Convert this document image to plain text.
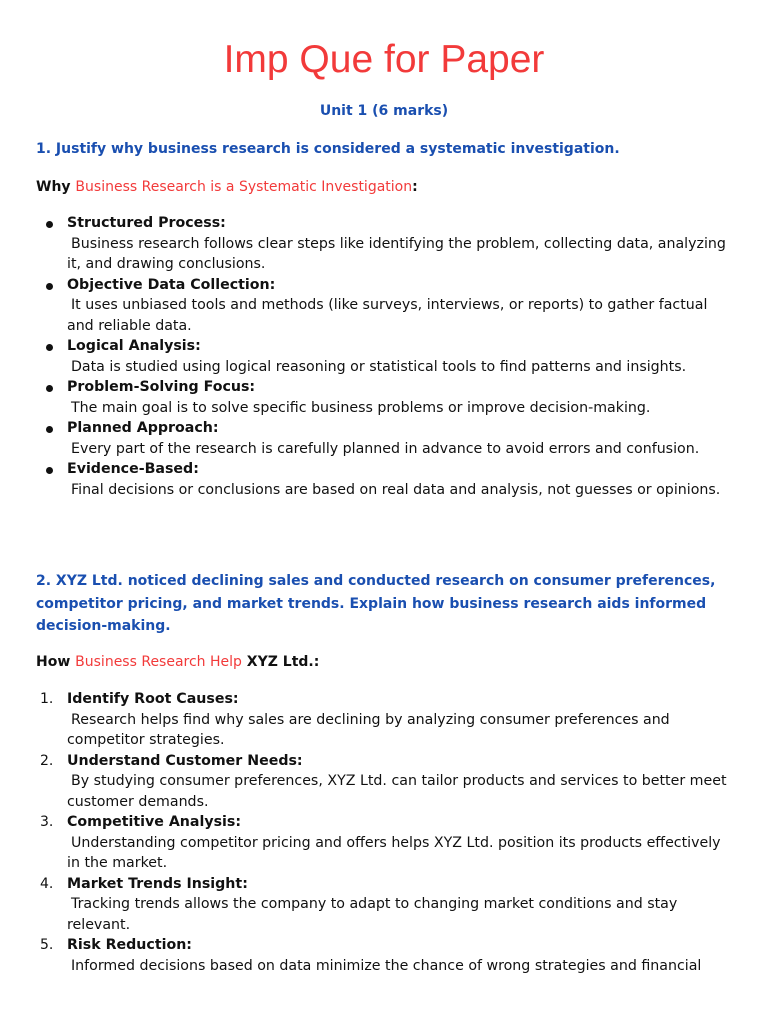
Imp Que for Paper
Unit 1 (6 marks)
1. Justify why business research is considered a systematic investigation.
Why Business Research is a Systematic Investigation:
Structured Process:
Business research follows clear steps like identifying the problem, collecting data, analyzing it, and drawing conclusions.
Objective Data Collection:
It uses unbiased tools and methods (like surveys, interviews, or reports) to gather factual and reliable data.
Logical Analysis:
Data is studied using logical reasoning or statistical tools to find patterns and insights.
Problem-Solving Focus:
The main goal is to solve specific business problems or improve decision-making.
Planned Approach:
Every part of the research is carefully planned in advance to avoid errors and confusion.
Evidence-Based:
Final decisions or conclusions are based on real data and analysis, not guesses or opinions.
2. XYZ Ltd. noticed declining sales and conducted research on consumer preferences, competitor pricing, and market trends. Explain how business research aids informed decision-making.
How Business Research Help XYZ Ltd.:
1. Identify Root Causes:
Research helps find why sales are declining by analyzing consumer preferences and competitor strategies.
2. Understand Customer Needs:
By studying consumer preferences, XYZ Ltd. can tailor products and services to better meet customer demands.
3. Competitive Analysis:
Understanding competitor pricing and offers helps XYZ Ltd. position its products effectively in the market.
4. Market Trends Insight:
Tracking trends allows the company to adapt to changing market conditions and stay relevant.
5. Risk Reduction:
Informed decisions based on data minimize the chance of wrong strategies and financial
